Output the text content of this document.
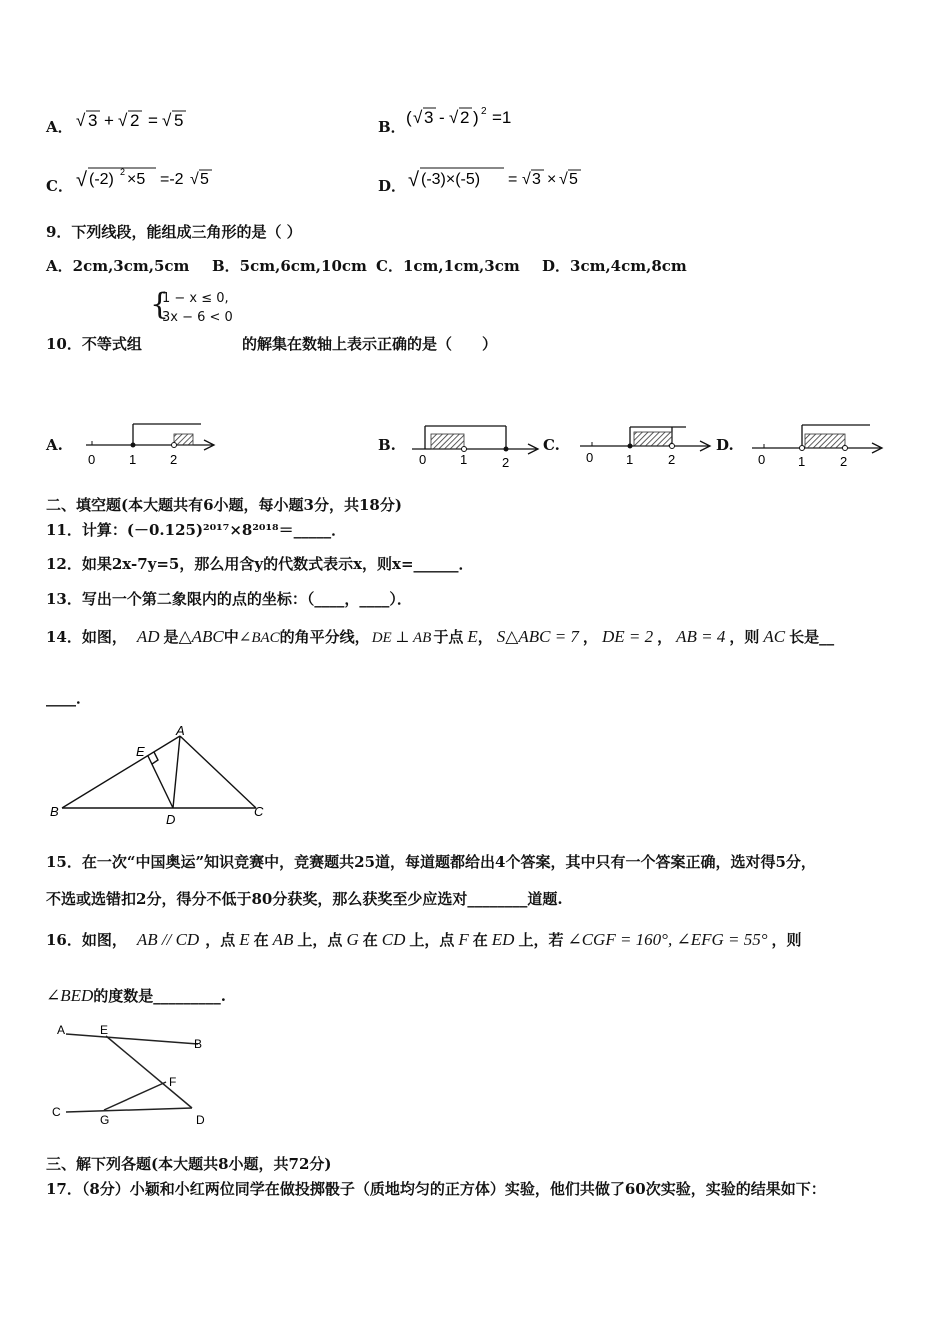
A． √ 3 + √ 2 = √ 5	B． ( √ 3 - √ 2 ) 2 =1
C． √ (-2) 2 ×5 =-2 √ 5	D． √ (-3)×(-5) = √ 3 × √ 5
9．下列线段，能组成三角形的是（ ）
A．2cm,3cm,5cm B．5cm,6cm,10cm C．1cm,1cm,3cm D．3cm,4cm,8cm
{
1 − x ≤ 0,
3x − 6 < 0
10．不等式组	的解集在数轴上表示正确的是（　　）
A.	B.	C.	D.
0	1	2	0	1	2	0	1	2	0	1	2
二、填空题(本大题共有6小题，每小题3分，共18分)
11．计算：(－0.125)²⁰¹⁷×8²⁰¹⁸＝_____．
12．如果2x-7y=5，那么用含y的代数式表示x，则x=______．
13．写出一个第二象限内的点的坐标：（____，____）．
14．如图， AD 是△ABC中∠BAC的角平分线， DE ⊥ AB 于点 E， S△ABC = 7 ， DE = 2 ， AB = 4 ，则 AC 长是__
____．
A
E
B
D
C
15．在一次“中国奥运”知识竞赛中，竞赛题共25道，每道题都给出4个答案，其中只有一个答案正确，选对得5分，
不选或选错扣2分，得分不低于80分获奖，那么获奖至少应选对________道题.
16．如图， AB // CD ，点 E 在 AB 上，点 G 在 CD 上，点 F 在 ED 上，若 ∠CGF = 160°, ∠EFG = 55° ，则
∠BED的度数是_________.
A	E
B
F
C
G	D
三、解下列各题(本大题共8小题，共72分)
17．（8分）小颖和小红两位同学在做投掷骰子（质地均匀的正方体）实验，他们共做了60次实验，实验的结果如下：
